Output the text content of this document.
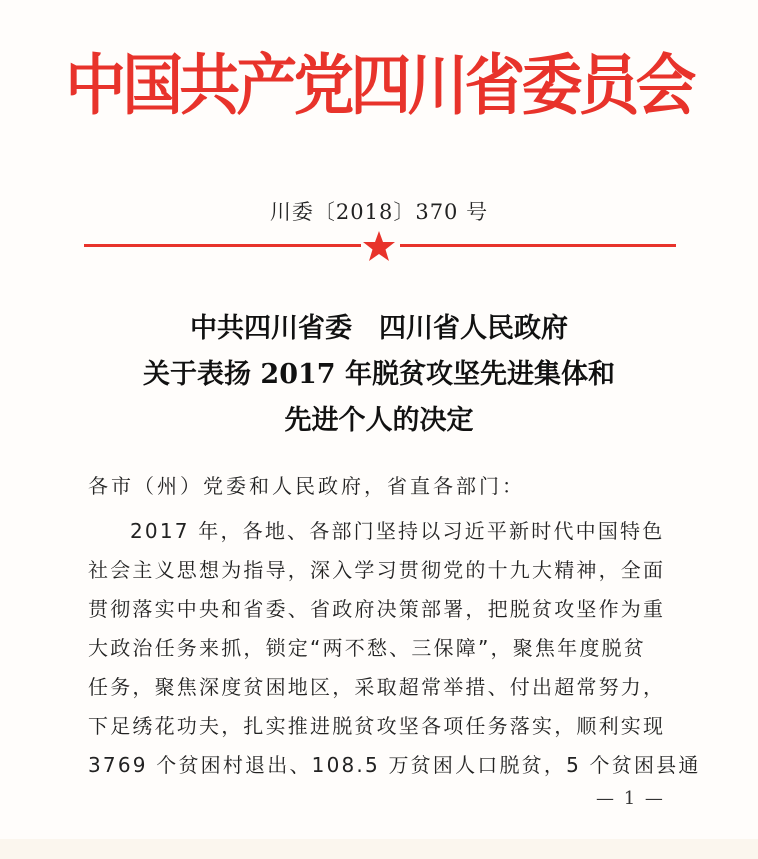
中国共产党四川省委员会
川委〔2018〕370 号
中共四川省委　四川省人民政府
关于表扬 2017 年脱贫攻坚先进集体和
先进个人的决定
各市（州）党委和人民政府，省直各部门：
2017 年，各地、各部门坚持以习近平新时代中国特色
社会主义思想为指导，深入学习贯彻党的十九大精神，全面
贯彻落实中央和省委、省政府决策部署，把脱贫攻坚作为重
大政治任务来抓，锁定“两不愁、三保障”，聚焦年度脱贫
任务，聚焦深度贫困地区，采取超常举措、付出超常努力，
下足绣花功夫，扎实推进脱贫攻坚各项任务落实，顺利实现
3769 个贫困村退出、108.5 万贫困人口脱贫，5 个贫困县通
— 1 —
